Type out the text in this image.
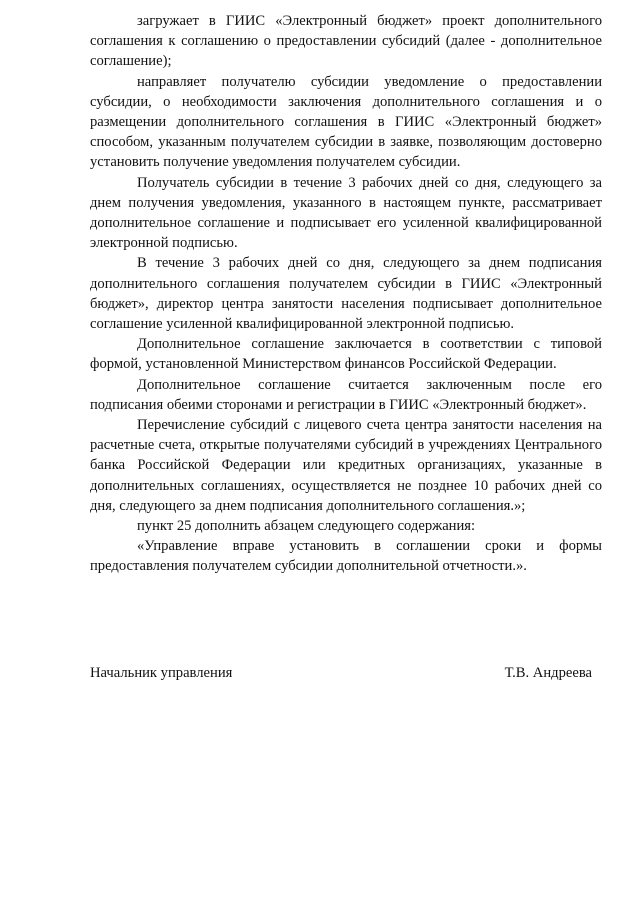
загружает в ГИИС «Электронный бюджет» проект дополнительного соглашения к соглашению о предоставлении субсидий (далее - дополнительное соглашение);

направляет получателю субсидии уведомление о предоставлении субсидии, о необходимости заключения дополнительного соглашения и о размещении дополнительного соглашения в ГИИС «Электронный бюджет» способом, указанным получателем субсидии в заявке, позволяющим достоверно установить получение уведомления получателем субсидии.

Получатель субсидии в течение 3 рабочих дней со дня, следующего за днем получения уведомления, указанного в настоящем пункте, рассматривает дополнительное соглашение и подписывает его усиленной квалифицированной электронной подписью.

В течение 3 рабочих дней со дня, следующего за днем подписания дополнительного соглашения получателем субсидии в ГИИС «Электронный бюджет», директор центра занятости населения подписывает дополнительное соглашение усиленной квалифицированной электронной подписью.

Дополнительное соглашение заключается в соответствии с типовой формой, установленной Министерством финансов Российской Федерации.

Дополнительное соглашение считается заключенным после его подписания обеими сторонами и регистрации в ГИИС «Электронный бюджет».

Перечисление субсидий с лицевого счета центра занятости населения на расчетные счета, открытые получателями субсидий в учреждениях Центрального банка Российской Федерации или кредитных организациях, указанные в дополнительных соглашениях, осуществляется не позднее 10 рабочих дней со дня, следующего за днем подписания дополнительного соглашения.»;

пункт 25 дополнить абзацем следующего содержания:

«Управление вправе установить в соглашении сроки и формы предоставления получателем субсидии дополнительной отчетности.».

Начальник управления	Т.В. Андреева
